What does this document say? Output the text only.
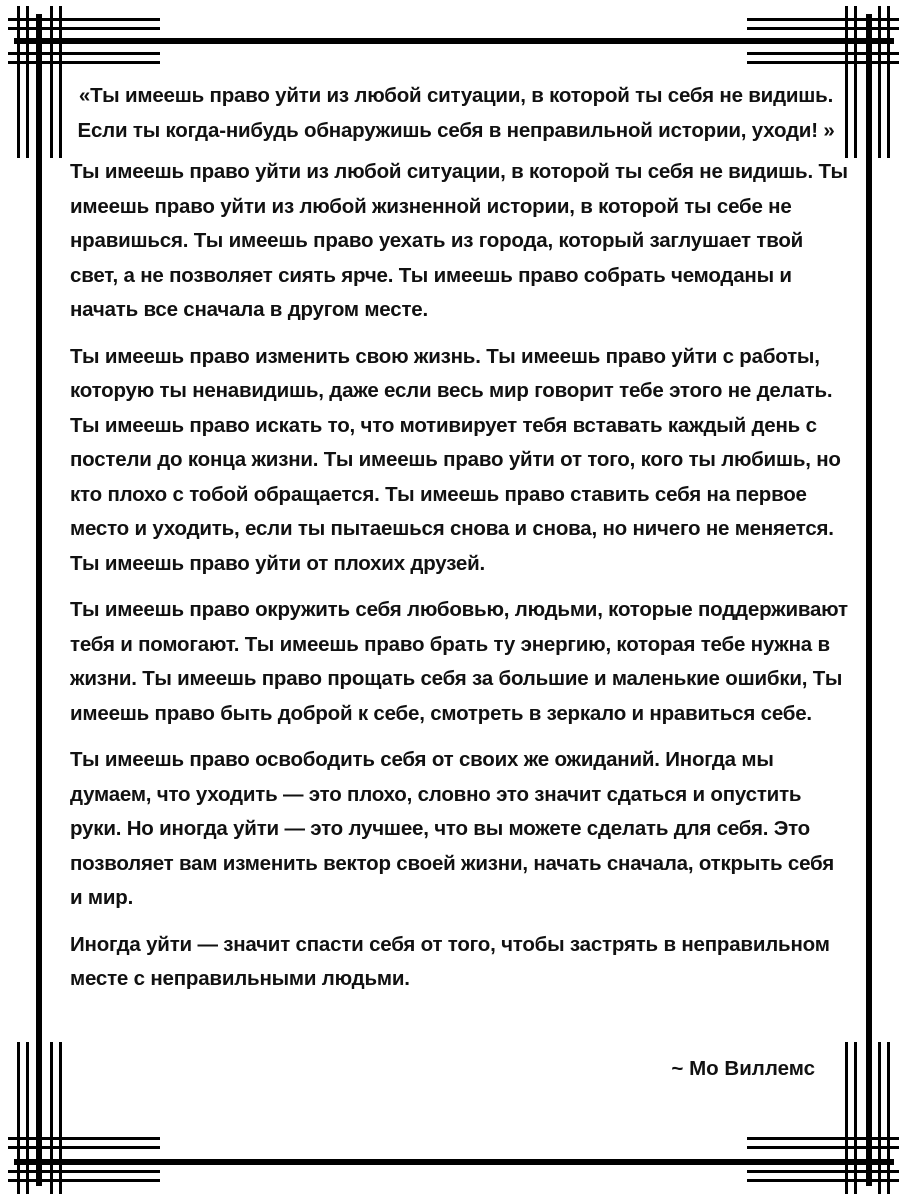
«Ты имеешь право уйти из любой ситуации, в которой ты себя не видишь. Если ты когда-нибудь обнаружишь себя в неправильной истории, уходи! »
Ты имеешь право уйти из любой ситуации, в которой ты себя не видишь. Ты имеешь право уйти из любой жизненной истории, в которой ты себе не нравишься. Ты имеешь право уехать из города, который заглушает твой свет, а не позволяет сиять ярче. Ты имеешь право собрать чемоданы и начать все сначала в другом месте.
Ты имеешь право изменить свою жизнь. Ты имеешь право уйти с работы, которую ты ненавидишь, даже если весь мир говорит тебе этого не делать. Ты имеешь право искать то, что мотивирует тебя вставать каждый день с постели до конца жизни. Ты имеешь право уйти от того, кого ты любишь, но кто плохо с тобой обращается. Ты имеешь право ставить себя на первое место и уходить, если ты пытаешься снова и снова, но ничего не меняется. Ты имеешь право уйти от плохих друзей.
Ты имеешь право окружить себя любовью, людьми, которые поддерживают тебя и помогают. Ты имеешь право брать ту энергию, которая тебе нужна в жизни. Ты имеешь право прощать себя за большие и маленькие ошибки, Ты имеешь право быть доброй к себе, смотреть в зеркало и нравиться себе.
Ты имеешь право освободить себя от своих же ожиданий. Иногда мы думаем, что уходить — это плохо, словно это значит сдаться и опустить руки. Но иногда уйти — это лучшее, что вы можете сделать для себя. Это позволяет вам изменить вектор своей жизни, начать сначала, открыть себя и мир.
Иногда уйти — значит спасти себя от того, чтобы застрять в неправильном месте с неправильными людьми.
~ Мо Виллемс
